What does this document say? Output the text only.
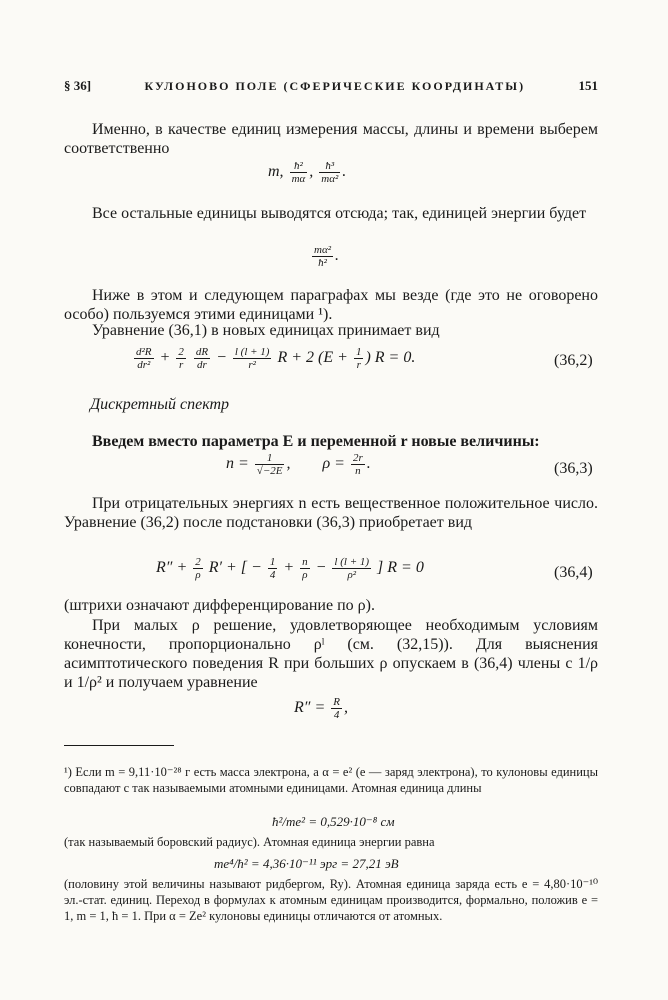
§ 36]	КУЛОНОВО ПОЛЕ (СФЕРИЧЕСКИЕ КООРДИНАТЫ)	151
Именно, в качестве единиц измерения массы, длины и времени выберем соответственно
m, $\frac{\text{ħ²}}{m\alpha}$ , $\frac{\text{ħ³}}{\text{mα²}}$ .
Все остальные единицы выводятся отсюда; так, единицей энергии будет
$\frac{\text{mα²}}{\text{ħ²}}$ .
Ниже в этом и следующем параграфах мы везде (где это не оговорено особо) пользуемся этими единицами ¹).
Уравнение (36,1) в новых единицах принимает вид
$\frac{\text{d²R}}{\text{dr²}} + \frac{2}{r}$
$\frac{dR}{dr} - \frac{l (l + 1)}{\text{r²}}$ R + 2 ($E + \frac{1}{r}$ ) R = 0.	(36,2)
Дискретный спектр
Введем вместо параметра E и переменной r новые величины:
$n = \frac{1}{√-2E}$ ,        $\rho = \frac{2r}{n}$ .	(36,3)
При отрицательных энергиях n есть вещественное положительное число. Уравнение (36,2) после подстановки (36,3) приобретает вид
$R'' + \frac{2}{\rho} R'$ + [ − $\frac{1}{4} + \frac{n}{\rho} - \frac{l (l + 1)}{\text{ρ²}}$ ] R = 0	(36,4)
(штрихи означают дифференцирование по ρ).
При малых ρ решение, удовлетворяющее необходимым условиям конечности, пропорционально ρˡ (см. (32,15)). Для выяснения асимптотического поведения R при больших ρ опускаем в (36,4) члены с 1/ρ и 1/ρ² и получаем уравнение
$R'' = \frac{R}{4}$ ,
¹) Если m = 9,11·10⁻²⁸ г есть масса электрона, а α = e² (e — заряд электрона), то кулоновы единицы совпадают с так называемыми атомными единицами. Атомная единица длины
ħ²/me² = 0,529·10⁻⁸ см
(так называемый боровский радиус). Атомная единица энергии равна
me⁴/ħ² = 4,36·10⁻¹¹ эрг = 27,21 эВ
(половину этой величины называют ридбергом, Ry). Атомная единица заряда есть e = 4,80·10⁻¹⁰ эл.-стат. единиц. Переход в формулах к атомным единицам производится, формально, положив e = 1, m = 1, ħ = 1. При α = Ze² кулоновы единицы отличаются от атомных.
